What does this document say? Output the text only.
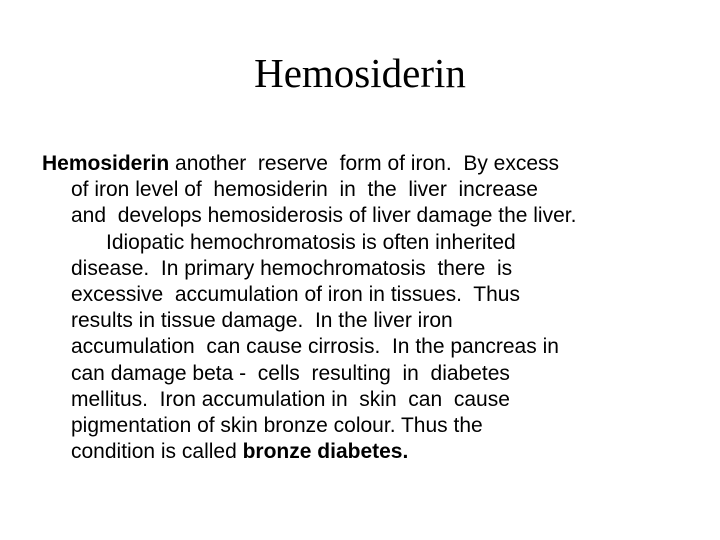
Hemosiderin
Hemosiderin another  reserve  form of iron.  By excess
of iron level of  hemosiderin  in  the  liver  increase
and  develops hemosiderosis of liver damage the liver.
Idiopatic hemochromatosis is often inherited
disease.  In primary hemochromatosis  there  is
excessive  accumulation of iron in tissues.  Thus
results in tissue damage.  In the liver iron
accumulation  can cause cirrosis.  In the pancreas in
can damage beta -  cells  resulting  in  diabetes
mellitus.  Iron accumulation in  skin  can  cause
pigmentation of skin bronze colour. Thus the
condition is called bronze diabetes.
